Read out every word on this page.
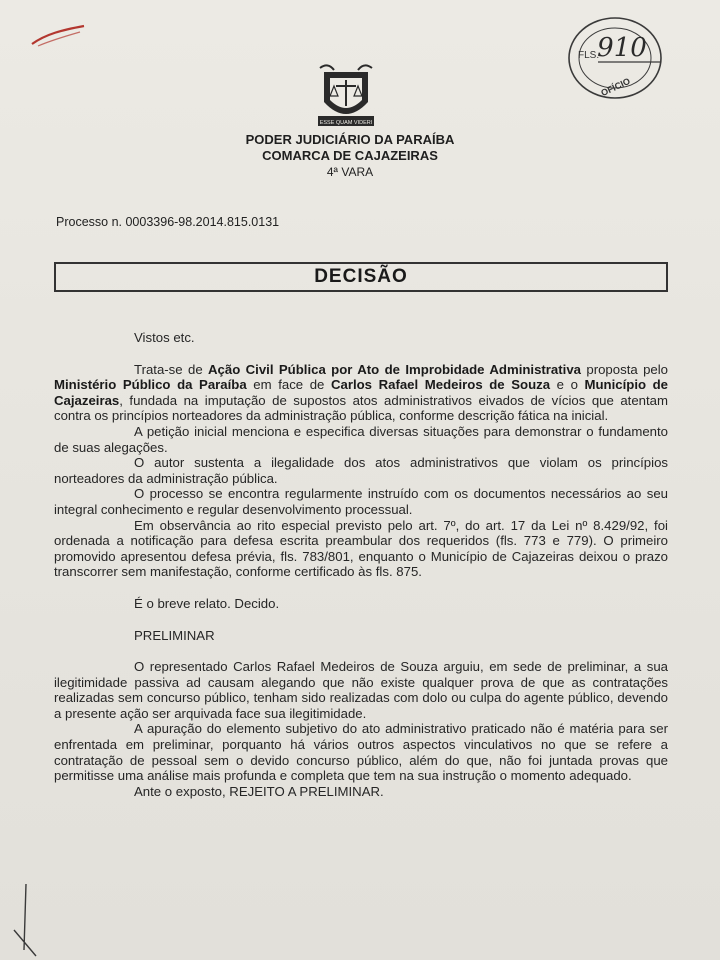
ESSE QUAM VIDERI
910
FLS.
OFÍCIO
PODER JUDICIÁRIO DA PARAÍBA
COMARCA DE CAJAZEIRAS
4ª VARA
Processo n. 0003396-98.2014.815.0131
DECISÃO

Vistos etc.

Trata-se de Ação Civil Pública por Ato de Improbidade Administrativa proposta pelo Ministério Público da Paraíba em face de Carlos Rafael Medeiros de Souza e o Município de Cajazeiras, fundada na imputação de supostos atos administrativos eivados de vícios que atentam contra os princípios norteadores da administração pública, conforme descrição fática na inicial.

A petição inicial menciona e especifica diversas situações para demonstrar o fundamento de suas alegações.

O autor sustenta a ilegalidade dos atos administrativos que violam os princípios norteadores da administração pública.

O processo se encontra regularmente instruído com os documentos necessários ao seu integral conhecimento e regular desenvolvimento processual.

Em observância ao rito especial previsto pelo art. 7º, do art. 17 da Lei nº 8.429/92, foi ordenada a notificação para defesa escrita preambular dos requeridos (fls. 773 e 779). O primeiro promovido apresentou defesa prévia, fls. 783/801, enquanto o Município de Cajazeiras deixou o prazo transcorrer sem manifestação, conforme certificado às fls. 875.

É o breve relato. Decido.

PRELIMINAR

O representado Carlos Rafael Medeiros de Souza arguiu, em sede de preliminar, a sua ilegitimidade passiva ad causam alegando que não existe qualquer prova de que as contratações realizadas sem concurso público, tenham sido realizadas com dolo ou culpa do agente público, devendo a presente ação ser arquivada face sua ilegitimidade.

A apuração do elemento subjetivo do ato administrativo praticado não é matéria para ser enfrentada em preliminar, porquanto há vários outros aspectos vinculativos no que se refere a contratação de pessoal sem o devido concurso público, além do que, não foi juntada provas que permitisse uma análise mais profunda e completa que tem na sua instrução o momento adequado.

Ante o exposto, REJEITO A PRELIMINAR.
